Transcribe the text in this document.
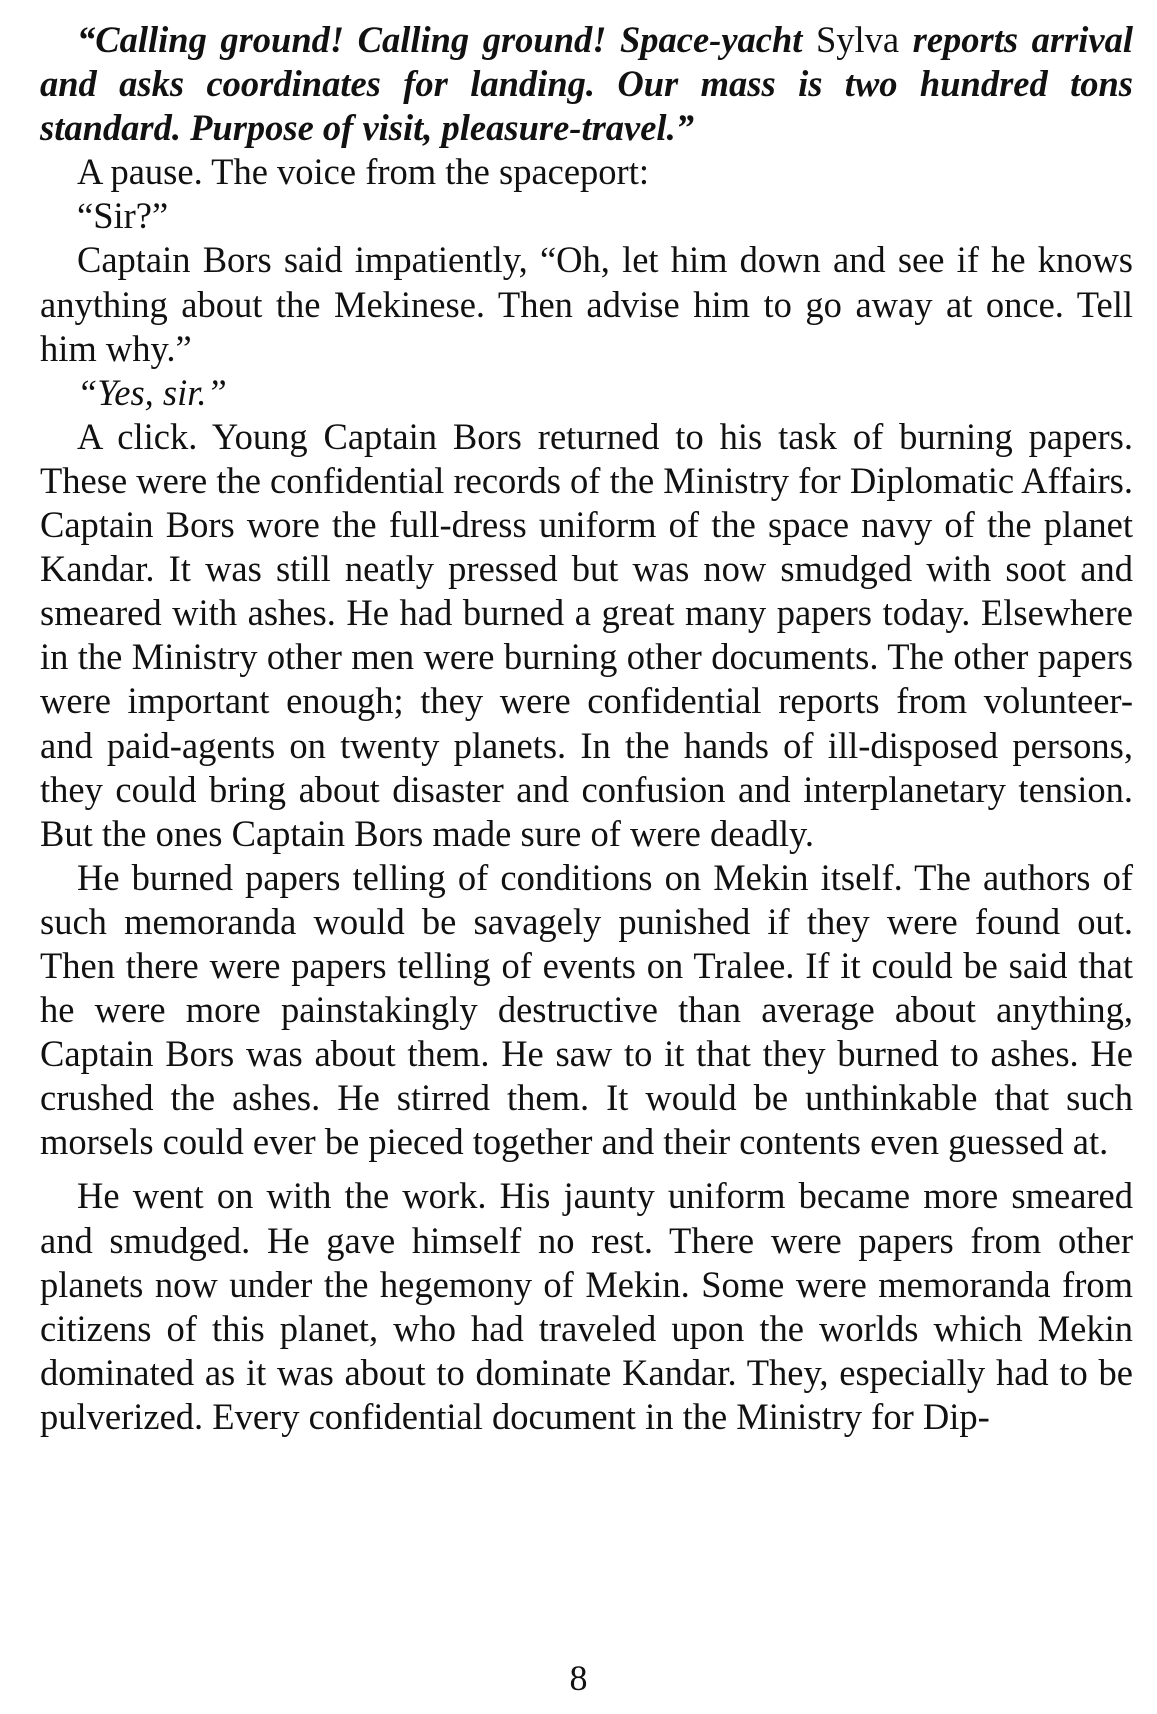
“Calling ground! Calling ground! Space-yacht Sylva reports arrival and asks coordinates for landing. Our mass is two hundred tons standard. Purpose of visit, pleasure-travel.”

A pause. The voice from the spaceport:

“Sir?”

Captain Bors said impatiently, “Oh, let him down and see if he knows anything about the Mekinese. Then advise him to go away at once. Tell him why.”

“Yes, sir.”

A click. Young Captain Bors returned to his task of burning papers. These were the confidential records of the Ministry for Diplomatic Affairs. Captain Bors wore the full-dress uniform of the space navy of the planet Kandar. It was still neatly pressed but was now smudged with soot and smeared with ashes. He had burned a great many papers today. Elsewhere in the Ministry other men were burning other documents. The other papers were important enough; they were confidential reports from volunteer- and paid-agents on twenty planets. In the hands of ill-disposed persons, they could bring about disaster and confusion and interplanetary tension. But the ones Captain Bors made sure of were deadly.

He burned papers telling of conditions on Mekin itself. The authors of such memoranda would be savagely punished if they were found out. Then there were papers telling of events on Tralee. If it could be said that he were more painstakingly destructive than average about anything, Captain Bors was about them. He saw to it that they burned to ashes. He crushed the ashes. He stirred them. It would be unthinkable that such morsels could ever be pieced together and their contents even guessed at.

He went on with the work. His jaunty uniform became more smeared and smudged. He gave himself no rest. There were papers from other planets now under the hegemony of Mekin. Some were memoranda from citizens of this planet, who had traveled upon the worlds which Mekin dominated as it was about to dominate Kandar. They, especially had to be pulverized. Every confidential document in the Ministry for Dip-

8
